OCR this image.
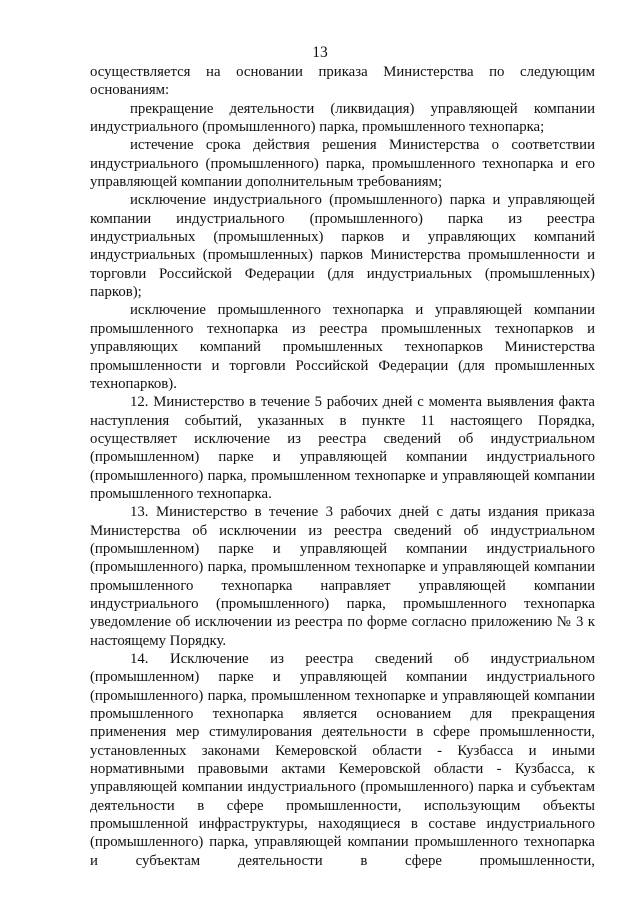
13

осуществляется на основании приказа Министерства по следующим основаниям:

прекращение деятельности (ликвидация) управляющей компании индустриального (промышленного) парка, промышленного технопарка;

истечение срока действия решения Министерства о соответствии индустриального (промышленного) парка, промышленного технопарка и его управляющей компании дополнительным требованиям;

исключение индустриального (промышленного) парка и управляющей компании индустриального (промышленного) парка из реестра индустриальных (промышленных) парков и управляющих компаний индустриальных (промышленных) парков Министерства промышленности и торговли Российской Федерации (для индустриальных (промышленных) парков);

исключение промышленного технопарка и управляющей компании промышленного технопарка из реестра промышленных технопарков и управляющих компаний промышленных технопарков Министерства промышленности и торговли Российской Федерации (для промышленных технопарков).

12. Министерство в течение 5 рабочих дней с момента выявления факта наступления событий, указанных в пункте 11 настоящего Порядка, осуществляет исключение из реестра сведений об индустриальном (промышленном) парке и управляющей компании индустриального (промышленного) парка, промышленном технопарке и управляющей компании промышленного технопарка.

13. Министерство в течение 3 рабочих дней с даты издания приказа Министерства об исключении из реестра сведений об индустриальном (промышленном) парке и управляющей компании индустриального (промышленного) парка, промышленном технопарке и управляющей компании промышленного технопарка направляет управляющей компании индустриального (промышленного) парка, промышленного технопарка уведомление об исключении из реестра по форме согласно приложению № 3 к настоящему Порядку.

14. Исключение из реестра сведений об индустриальном (промышленном) парке и управляющей компании индустриального (промышленного) парка, промышленном технопарке и управляющей компании промышленного технопарка является основанием для прекращения применения мер стимулирования деятельности в сфере промышленности, установленных законами Кемеровской области - Кузбасса и иными нормативными правовыми актами Кемеровской области - Кузбасса, к управляющей компании индустриального (промышленного) парка и субъектам деятельности в сфере промышленности, использующим объекты промышленной инфраструктуры, находящиеся в составе индустриального (промышленного) парка, управляющей компании промышленного технопарка и субъектам деятельности в сфере промышленности,
